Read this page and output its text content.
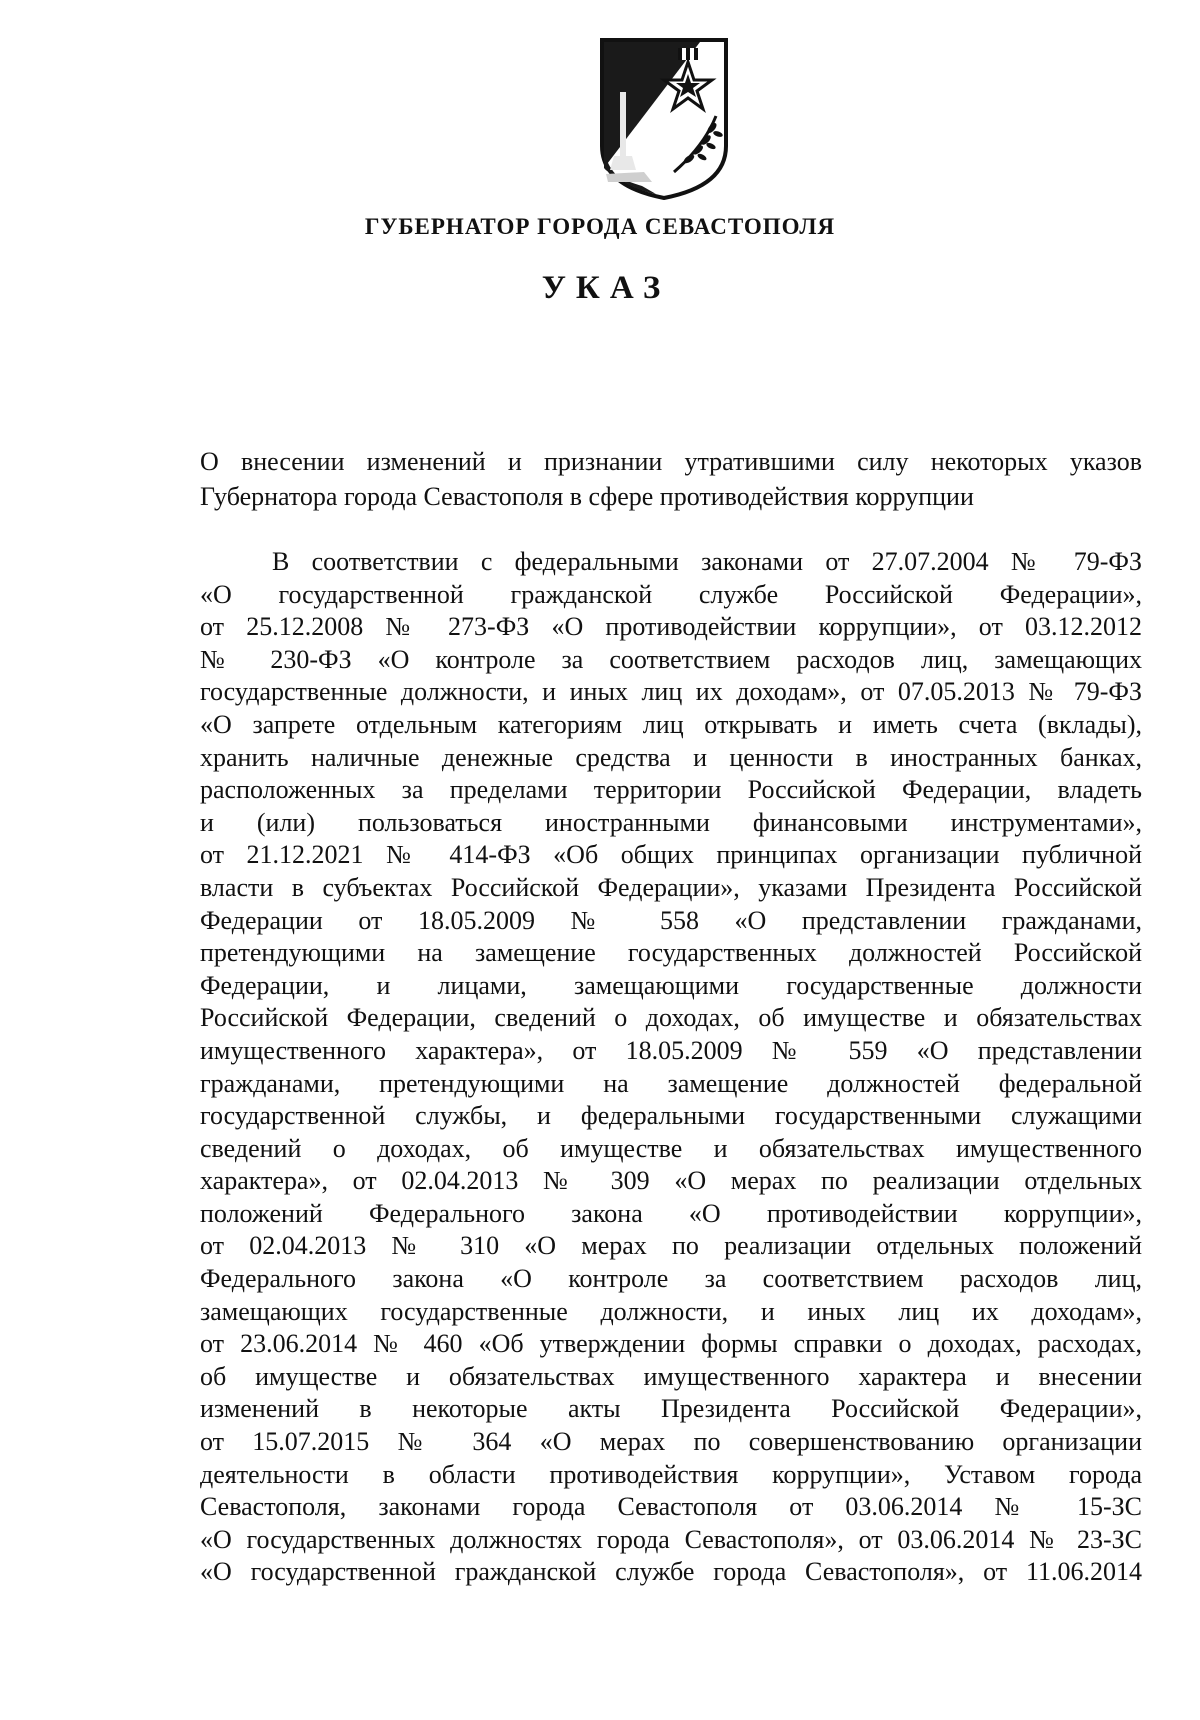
ГУБЕРНАТОР ГОРОДА СЕВАСТОПОЛЯ
УКАЗ
О внесении изменений и признании утратившими силу некоторых указов
Губернатора города Севастополя в сфере противодействия коррупции
В соответствии с федеральными законами от 27.07.2004 № 79-ФЗ
«О государственной гражданской службе Российской Федерации»,
от 25.12.2008 № 273-ФЗ «О противодействии коррупции», от 03.12.2012
№ 230-ФЗ «О контроле за соответствием расходов лиц, замещающих
государственные должности, и иных лиц их доходам», от 07.05.2013 № 79-ФЗ
«О запрете отдельным категориям лиц открывать и иметь счета (вклады),
хранить наличные денежные средства и ценности в иностранных банках,
расположенных за пределами территории Российской Федерации, владеть
и (или) пользоваться иностранными финансовыми инструментами»,
от 21.12.2021 № 414-ФЗ «Об общих принципах организации публичной
власти в субъектах Российской Федерации», указами Президента Российской
Федерации от 18.05.2009 № 558 «О представлении гражданами,
претендующими на замещение государственных должностей Российской
Федерации, и лицами, замещающими государственные должности
Российской Федерации, сведений о доходах, об имуществе и обязательствах
имущественного характера», от 18.05.2009 № 559 «О представлении
гражданами, претендующими на замещение должностей федеральной
государственной службы, и федеральными государственными служащими
сведений о доходах, об имуществе и обязательствах имущественного
характера», от 02.04.2013 № 309 «О мерах по реализации отдельных
положений Федерального закона «О противодействии коррупции»,
от 02.04.2013 № 310 «О мерах по реализации отдельных положений
Федерального закона «О контроле за соответствием расходов лиц,
замещающих государственные должности, и иных лиц их доходам»,
от 23.06.2014 № 460 «Об утверждении формы справки о доходах, расходах,
об имуществе и обязательствах имущественного характера и внесении
изменений в некоторые акты Президента Российской Федерации»,
от 15.07.2015 № 364 «О мерах по совершенствованию организации
деятельности в области противодействия коррупции», Уставом города
Севастополя, законами города Севастополя от 03.06.2014 № 15-ЗС
«О государственных должностях города Севастополя», от 03.06.2014 № 23-ЗС
«О государственной гражданской службе города Севастополя», от 11.06.2014
